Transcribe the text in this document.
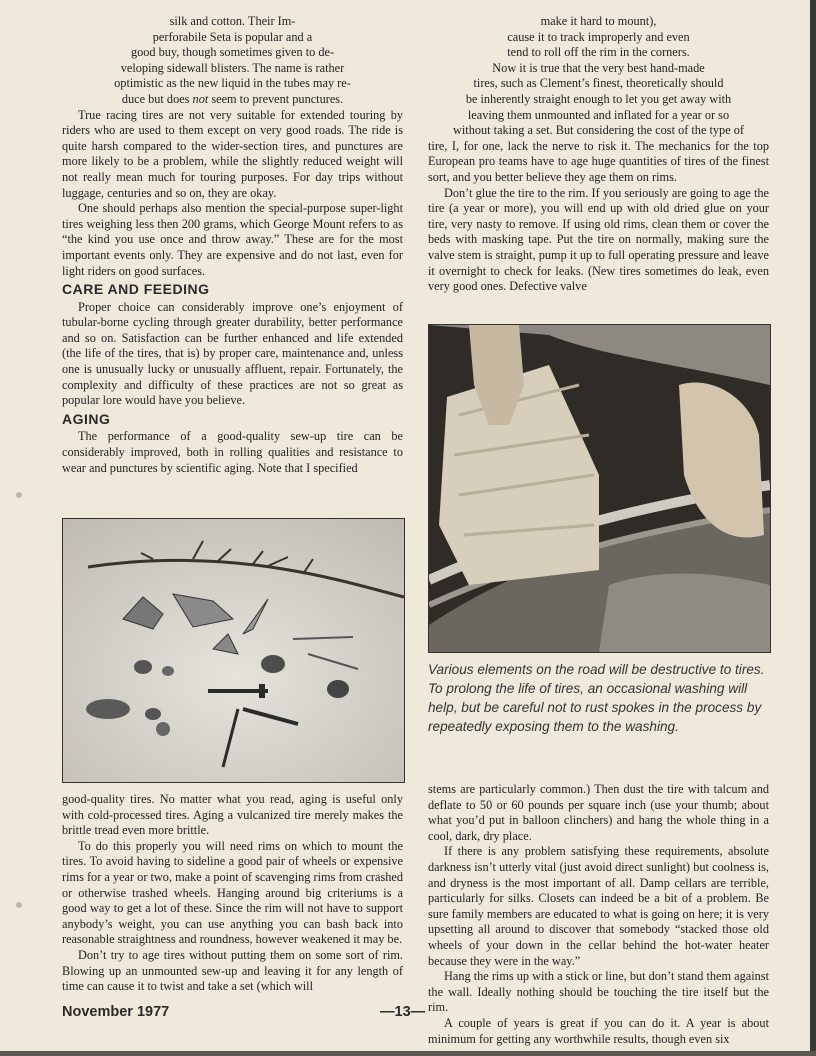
silk and cotton. Their Im-

perforabile Seta is popular and a

good buy, though sometimes given to de-

veloping sidewall blisters. The name is rather

optimistic as the new liquid in the tubes may re-

duce but does not seem to prevent punctures.

True racing tires are not very suitable for extended touring by riders who are used to them except on very good roads. The ride is quite harsh compared to the wider-section tires, and punctures are more likely to be a problem, while the slightly reduced weight will not really mean much for touring purposes. For day trips without luggage, centuries and so on, they are okay.

One should perhaps also mention the special-purpose super-light tires weighing less then 200 grams, which George Mount refers to as “the kind you use once and throw away.” These are for the most important events only. They are expensive and do not last, even for light riders on good surfaces.

CARE AND FEEDING

Proper choice can considerably improve one’s enjoyment of tubular-borne cycling through greater durability, better performance and so on. Satisfaction can be further enhanced and life extended (the life of the tires, that is) by proper care, maintenance and, unless one is unusually lucky or unusually affluent, repair. Fortunately, the complexity and difficulty of these practices are not so great as popular lore would have you believe.

AGING

The performance of a good-quality sew-up tire can be considerably improved, both in rolling qualities and resistance to wear and punctures by scientific aging. Note that I specified

good-quality tires. No matter what you read, aging is useful only with cold-processed tires. Aging a vulcanized tire merely makes the brittle tread even more brittle.

To do this properly you will need rims on which to mount the tires. To avoid having to sideline a good pair of wheels or expensive rims for a year or two, make a point of scavenging rims from crashed or otherwise trashed wheels. Hanging around big criteriums is a good way to get a lot of these. Since the rim will not have to support anybody’s weight, you can use anything you can bash back into reasonable straightness and roundness, however weakened it may be.

Don’t try to age tires without putting them on some sort of rim. Blowing up an unmounted sew-up and leaving it for any length of time can cause it to twist and take a set (which will

make it hard to mount),

cause it to track improperly and even

tend to roll off the rim in the corners.

Now it is true that the very best hand-made

tires, such as Clement’s finest, theoretically should

be inherently straight enough to let you get away with

leaving them unmounted and inflated for a year or so

without taking a set. But considering the cost of the type of

tire, I, for one, lack the nerve to risk it. The mechanics for the top European pro teams have to age huge quantities of tires of the finest sort, and you better believe they age them on rims.

Don’t glue the tire to the rim. If you seriously are going to age the tire (a year or more), you will end up with old dried glue on your tire, very nasty to remove. If using old rims, clean them or cover the beds with masking tape. Put the tire on normally, making sure the valve stem is straight, pump it up to full operating pressure and leave it overnight to check for leaks. (New tires sometimes do leak, even very good ones. Defective valve

Various elements on the road will be destructive to tires. To prolong the life of tires, an occasional washing will help, but be careful not to rust spokes in the process by repeatedly exposing them to the washing.

stems are particularly common.) Then dust the tire with talcum and deflate to 50 or 60 pounds per square inch (use your thumb; about what you’d put in balloon clinchers) and hang the whole thing in a cool, dark, dry place.

If there is any problem satisfying these requirements, absolute darkness isn’t utterly vital (just avoid direct sunlight) but coolness is, and dryness is the most important of all. Damp cellars are terrible, particularly for silks. Closets can indeed be a bit of a problem. Be sure family members are educated to what is going on here; it is very upsetting all around to discover that somebody “stacked those old wheels of your down in the cellar behind the hot-water heater because they were in the way.”

Hang the rims up with a stick or line, but don’t stand them against the wall. Ideally nothing should be touching the tire itself but the rim.

A couple of years is great if you can do it. A year is about minimum for getting any worthwhile results, though even six

November 1977	—13—
